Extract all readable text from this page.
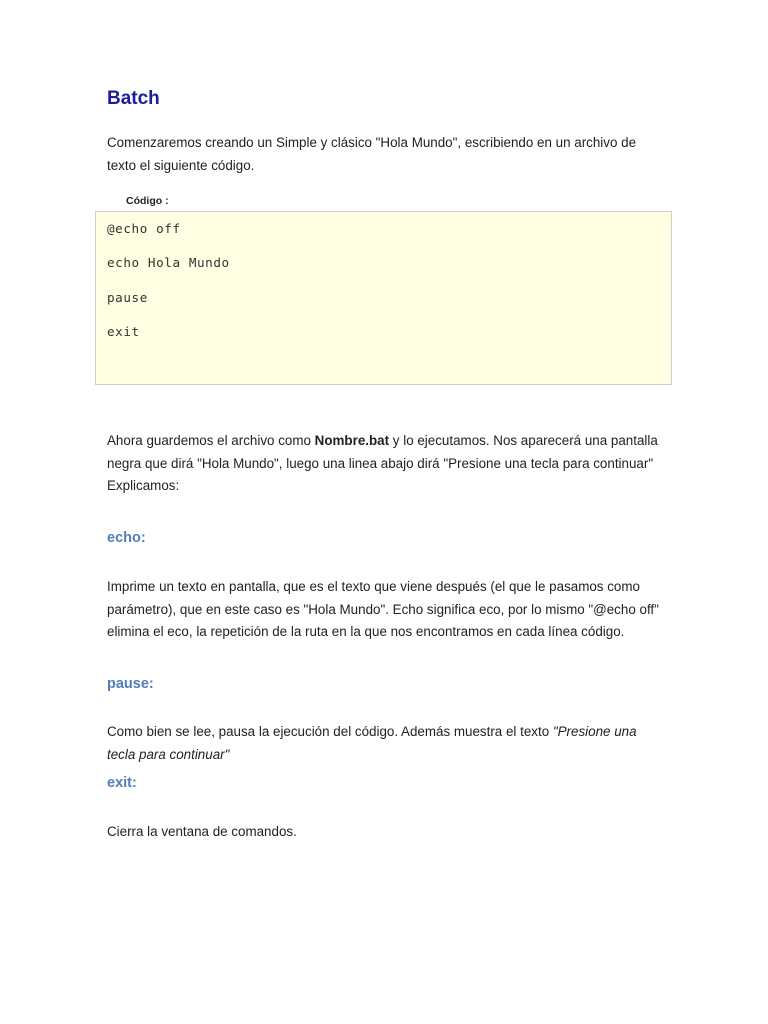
Batch

Comenzaremos creando un Simple y clásico "Hola Mundo", escribiendo en un archivo de texto el siguiente código.

Código :

@echo off

echo Hola Mundo

pause

exit

Ahora guardemos el archivo como Nombre.bat y lo ejecutamos. Nos aparecerá una pantalla negra que dirá "Hola Mundo", luego una linea abajo dirá "Presione una tecla para continuar"
Explicamos:

echo:

Imprime un texto en pantalla, que es el texto que viene después (el que le pasamos como parámetro), que en este caso es "Hola Mundo". Echo significa eco, por lo mismo "@echo off" elimina el eco, la repetición de la ruta en la que nos encontramos en cada línea código.

pause:

Como bien se lee, pausa la ejecución del código. Además muestra el texto "Presione una tecla para continuar"

exit:

Cierra la ventana de comandos.
